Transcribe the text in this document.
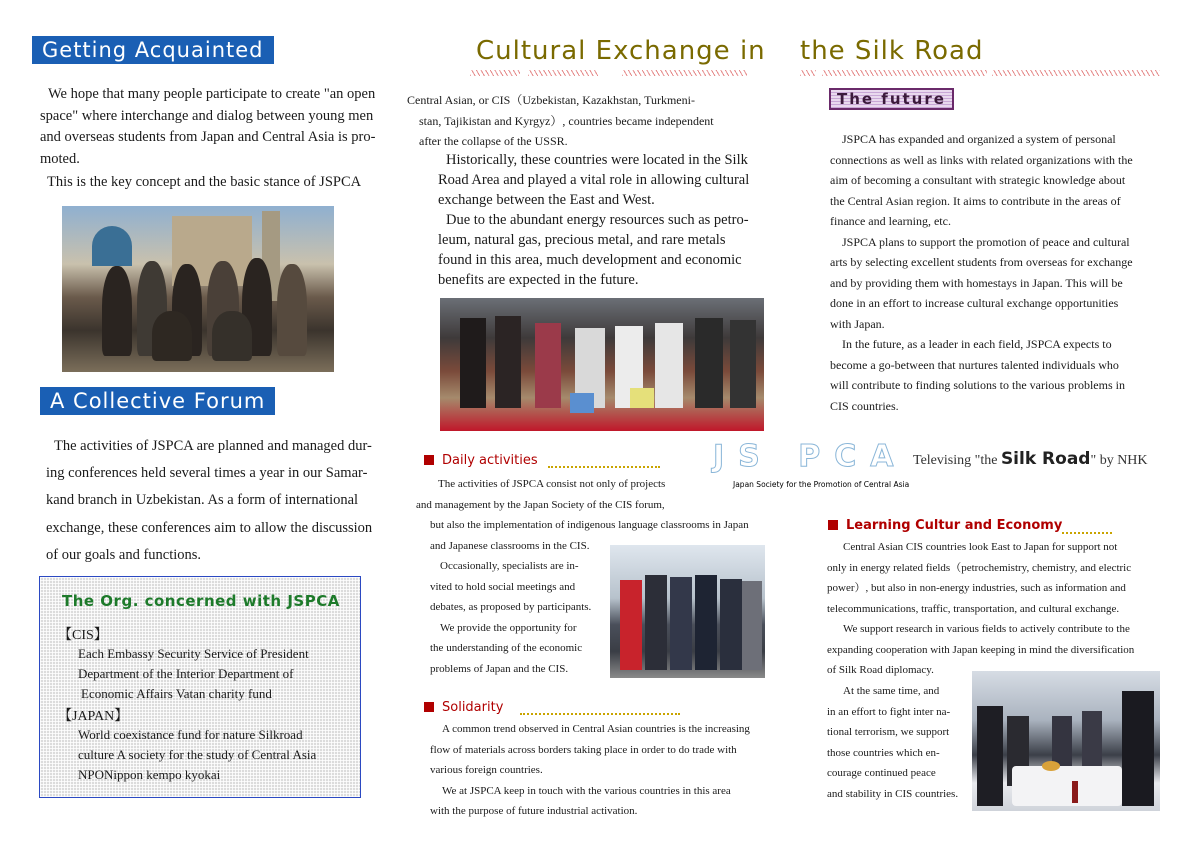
Getting Acquainted
We hope that many people participate to create "an open
space" where interchange and dialog between young men
and overseas students from Japan and Central Asia is pro-
moted.
This is the key concept and the basic stance of JSPCA
A Collective Forum
The activities of JSPCA are planned and managed dur-
ing conferences held several times a year in our Samar-
kand branch in Uzbekistan. As a form of international
exchange, these conferences aim to allow the discussion
of our goals and functions.
The Org. concerned with JSPCA
【CIS】
Each Embassy Security Service of President
Department of the Interior Department of
Economic Affairs Vatan charity fund
【JAPAN】
World coexistance fund for nature Silkroad
culture A society for the study of Central Asia
NPONippon kempo kyokai
Cultural Exchange in the Silk Road
Central Asian, or CIS（Uzbekistan, Kazakhstan, Turkmeni-
stan, Tajikistan and Kyrgyz）, countries became independent
after the collapse of the USSR.
Historically, these countries were located in the Silk
Road Area and played a vital role in allowing cultural
exchange between the East and West.
Due to the abundant energy resources such as petro-
leum, natural gas, precious metal, and rare metals
found in this area, much development and economic
benefits are expected in the future.
Daily activities
The activities of JSPCA consist not only of projects
and management by the Japan Society of the CIS forum,
but also the implementation of indigenous language classrooms in Japan
and Japanese classrooms in the CIS.
Occasionally, specialists are in-
vited to hold social meetings and
debates, as proposed by participants.
We provide the opportunity for
the understanding of the economic
problems of Japan and the CIS.
Solidarity
A common trend observed in Central Asian countries is the increasing
flow of materials across borders taking place in order to do trade with
various foreign countries.
We at JSPCA keep in touch with the various countries in this area
with the purpose of future industrial activation.
The future
JSPCA has expanded and organized a system of personal
connections as well as links with related organizations with the
aim of becoming a consultant with strategic knowledge about
the Central Asian region. It aims to contribute in the areas of
finance and learning, etc.
JSPCA plans to support the promotion of peace and cultural
arts by selecting excellent students from overseas for exchange
and by providing them with homestays in Japan. This will be
done in an effort to increase cultural exchange opportunities
with Japan.
In the future, as a leader in each field, JSPCA expects to
become a go-between that nurtures talented individuals who
will contribute to finding solutions to the various problems in
CIS countries.
JS PCA
Japan Society for the Promotion of Central Asia
Televising "the Silk Road" by NHK
Learning Cultur and Economy
Central Asian CIS countries look East to Japan for support not
only in energy related fields（petrochemistry, chemistry, and electric
power）, but also in non-energy industries, such as information and
telecommunications, traffic, transportation, and cultural exchange.
We support research in various fields to actively contribute to the
expanding cooperation with Japan keeping in mind the diversification
of Silk Road diplomacy.
At the same time, and
in an effort to fight inter na-
tional terrorism, we support
those countries which en-
courage continued peace
and stability in CIS countries.
